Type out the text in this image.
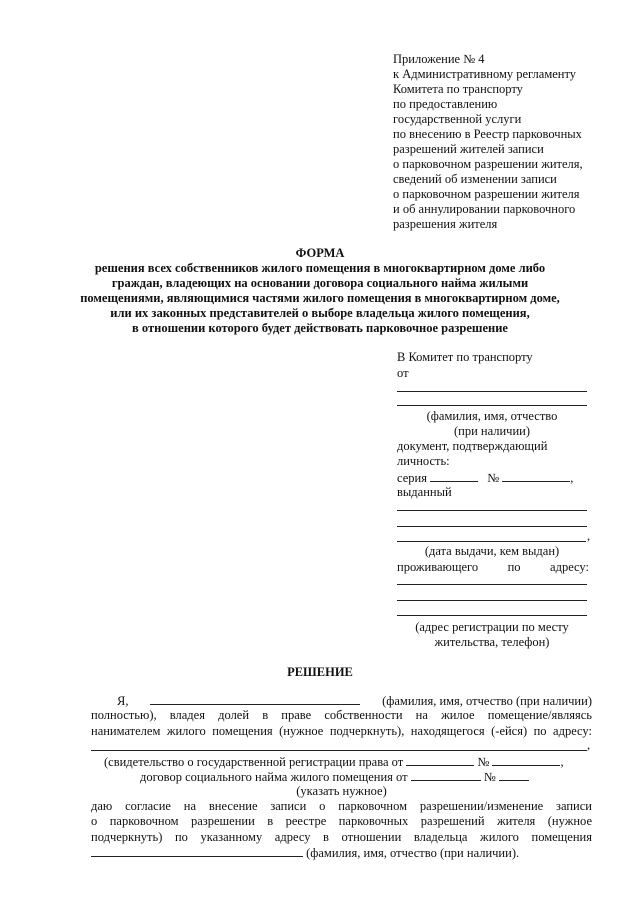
Приложение № 4
к Административному регламенту
Комитета по транспорту
по предоставлению
государственной услуги
по внесению в Реестр парковочных
разрешений жителей записи
о парковочном разрешении жителя,
сведений об изменении записи
о парковочном разрешении жителя
и об аннулировании парковочного
разрешения жителя
ФОРМА
решения всех собственников жилого помещения в многоквартирном доме либо
граждан, владеющих на основании договора социального найма жилыми
помещениями, являющимися частями жилого помещения в многоквартирном доме,
или их законных представителей о выборе владельца жилого помещения,
в отношении которого будет действовать парковочное разрешение
В Комитет по транспорту
от
(фамилия, имя, отчество
(при наличии)
документ, подтверждающий
личность:
серия	№	,
выданный
,
(дата выдачи, кем выдан)
проживающего по адресу:
(адрес регистрации по месту
жительства, телефон)
РЕШЕНИЕ
Я,	(фамилия, имя, отчество (при наличии)
полностью), владея долей в праве собственности на жилое помещение/являясь
нанимателем жилого помещения (нужное подчеркнуть), находящегося (-ейся) по адресу:
,
(свидетельство о государственной регистрации права от	№	,
договор социального найма жилого помещения от	№
(указать нужное)
даю согласие на внесение записи о парковочном разрешении/изменение записи
о парковочном разрешении в реестре парковочных разрешений жителя (нужное
подчеркнуть) по указанному адресу в отношении владельца жилого помещения
(фамилия, имя, отчество (при наличии).
